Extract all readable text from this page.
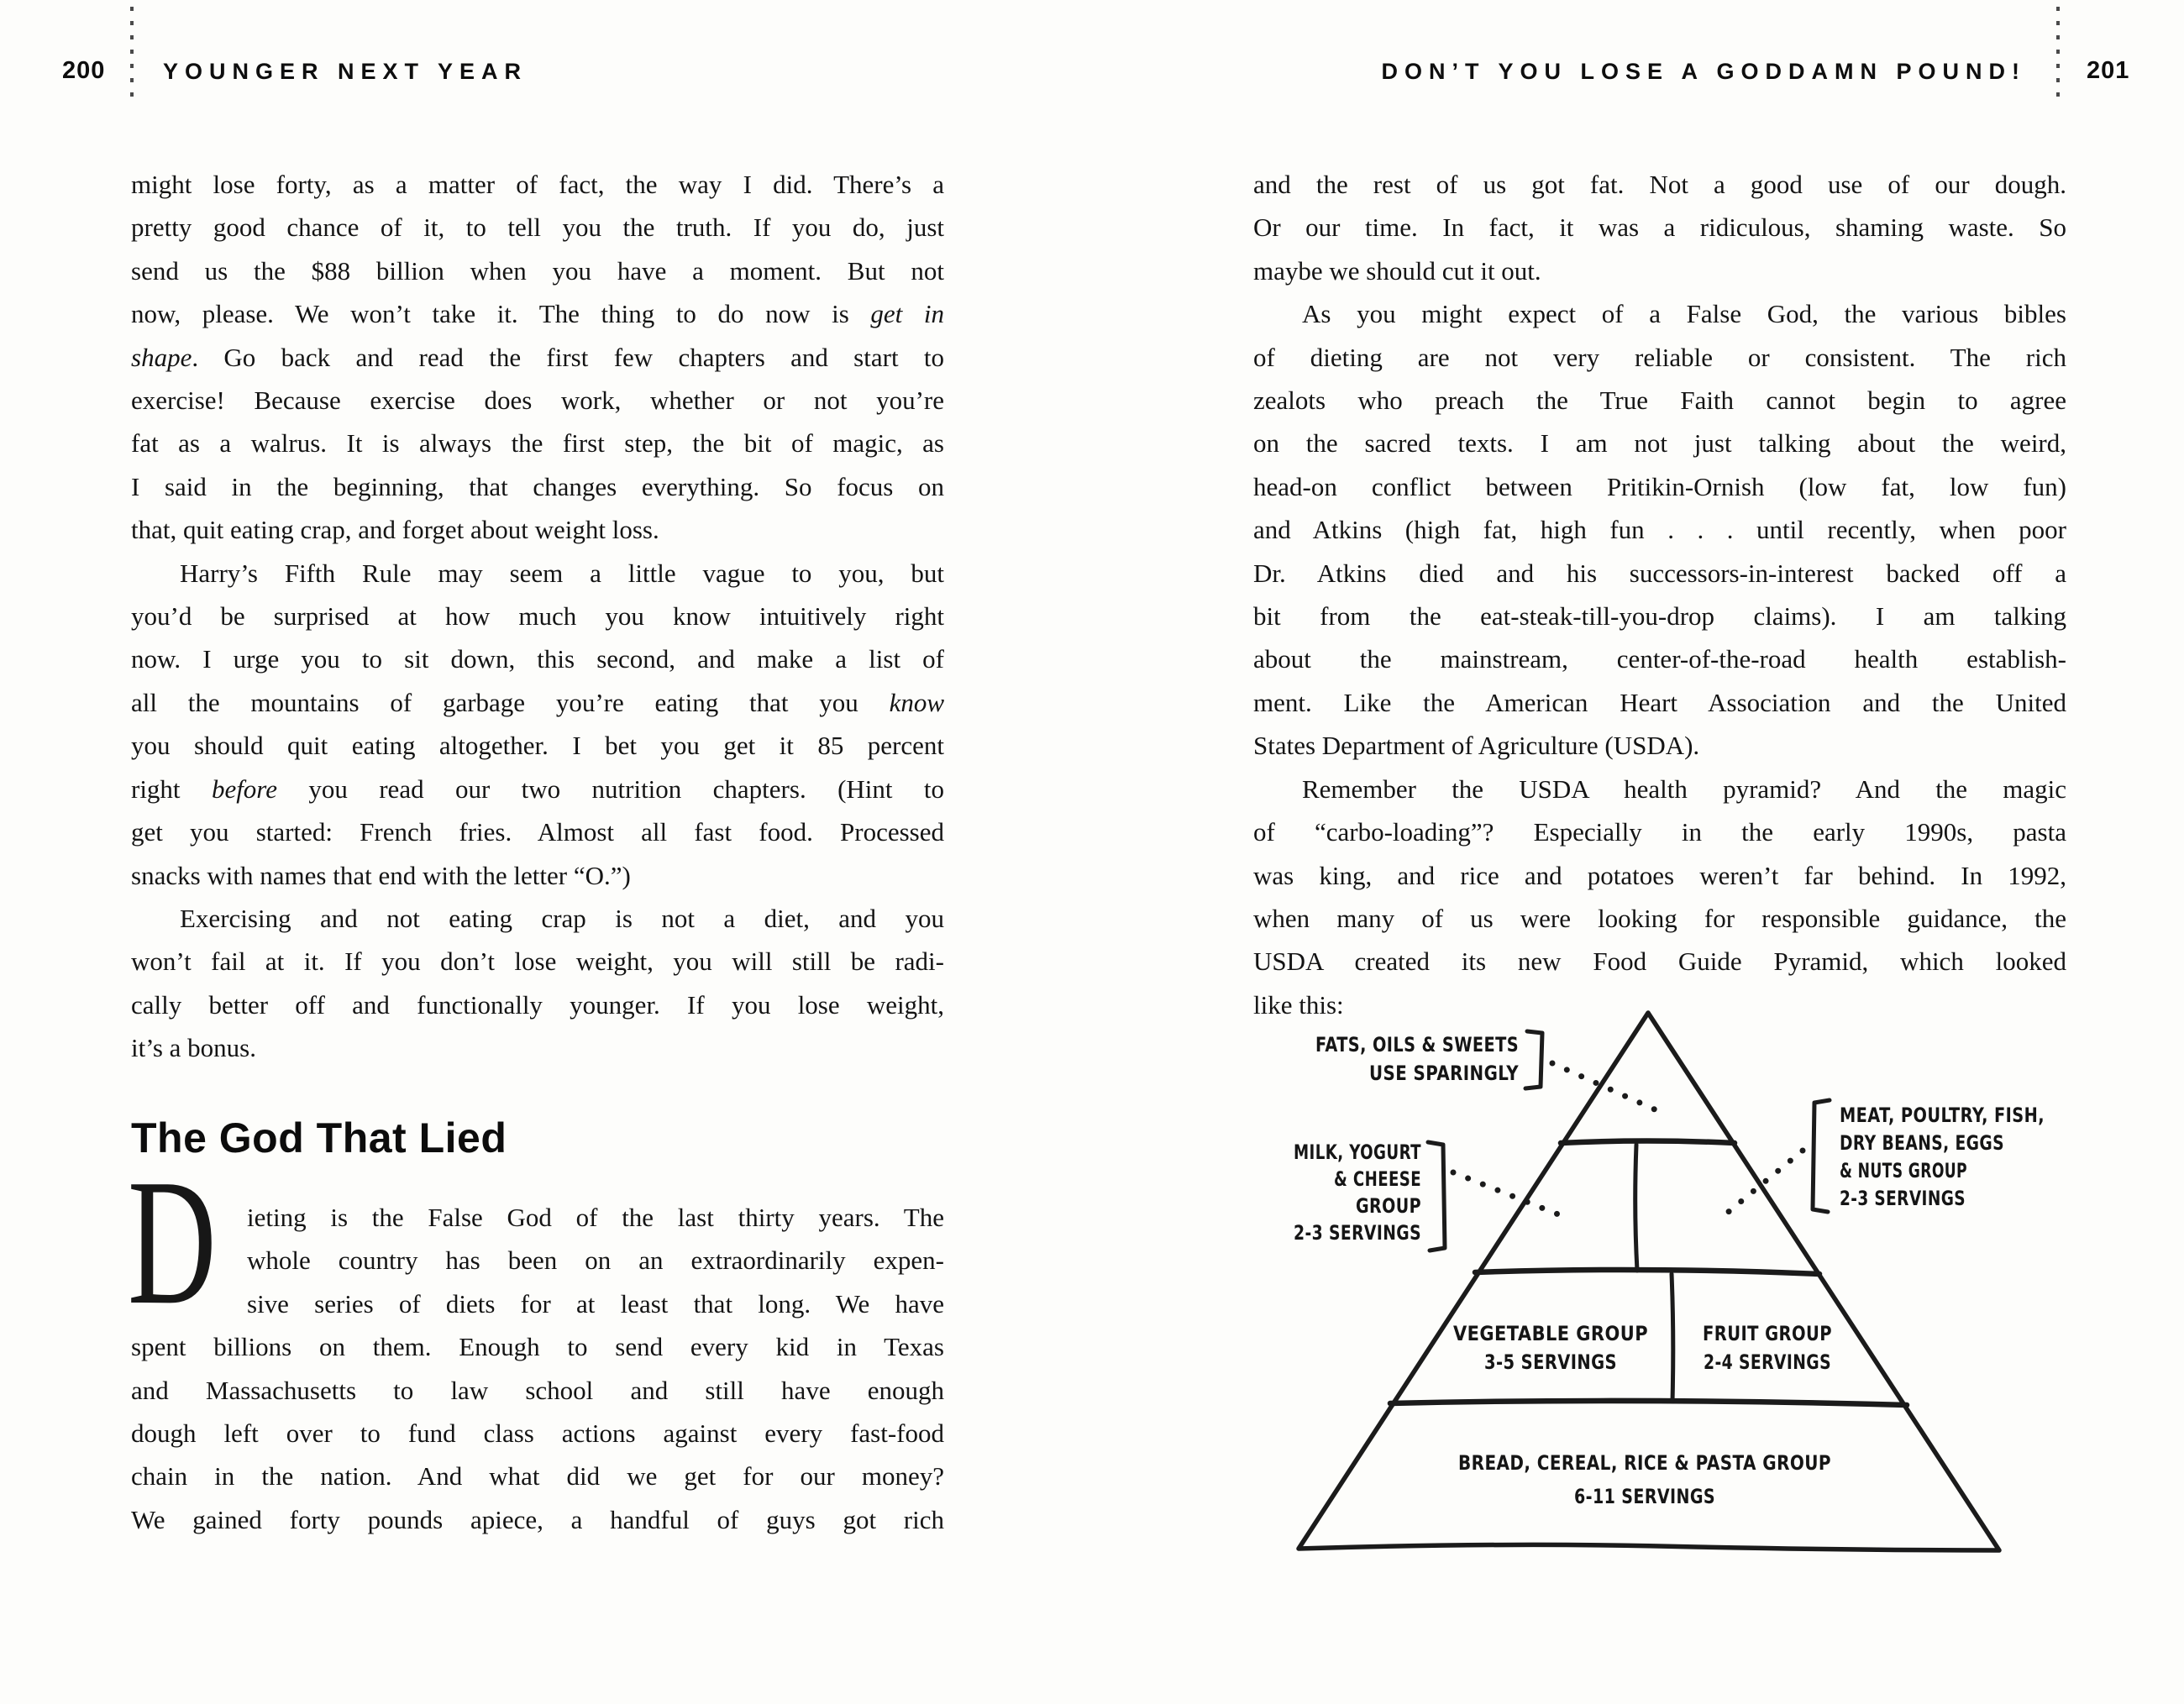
200	YOUNGER NEXT YEAR	DON’T YOU LOSE A GODDAMN POUND! 201
might lose forty, as a matter of fact, the way I did. There’s a
pretty good chance of it, to tell you the truth. If you do, just
send us the $88 billion when you have a moment. But not
now, please. We won’t take it. The thing to do now is get in
shape. Go back and read the first few chapters and start to
exercise! Because exercise does work, whether or not you’re
fat as a walrus. It is always the first step, the bit of magic, as
I said in the beginning, that changes everything. So focus on
that, quit eating crap, and forget about weight loss.
Harry’s Fifth Rule may seem a little vague to you, but
you’d be surprised at how much you know intuitively right
now. I urge you to sit down, this second, and make a list of
all the mountains of garbage you’re eating that you know
you should quit eating altogether. I bet you get it 85 percent
right before you read our two nutrition chapters. (Hint to
get you started: French fries. Almost all fast food. Processed
snacks with names that end with the letter “O.”)
Exercising and not eating crap is not a diet, and you
won’t fail at it. If you don’t lose weight, you will still be radi-
cally better off and functionally younger. If you lose weight,
it’s a bonus.
The God That Lied
D ieting is the False God of the last thirty years. The
whole country has been on an extraordinarily expen-
sive series of diets for at least that long. We have
spent billions on them. Enough to send every kid in Texas
and Massachusetts to law school and still have enough
dough left over to fund class actions against every fast-food
chain in the nation. And what did we get for our money?
We gained forty pounds apiece, a handful of guys got rich
and the rest of us got fat. Not a good use of our dough.
Or our time. In fact, it was a ridiculous, shaming waste. So
maybe we should cut it out.
As you might expect of a False God, the various bibles
of dieting are not very reliable or consistent. The rich
zealots who preach the True Faith cannot begin to agree
on the sacred texts. I am not just talking about the weird,
head-on conflict between Pritikin-Ornish (low fat, low fun)
and Atkins (high fat, high fun . . . until recently, when poor
Dr. Atkins died and his successors-in-interest backed off a
bit from the eat-steak-till-you-drop claims). I am talking
about the mainstream, center-of-the-road health establish-
ment. Like the American Heart Association and the United
States Department of Agriculture (USDA).
Remember the USDA health pyramid? And the magic
of “carbo-loading”? Especially in the early 1990s, pasta
was king, and rice and potatoes weren’t far behind. In 1992,
when many of us were looking for responsible guidance, the
USDA created its new Food Guide Pyramid, which looked
like this:
FATS, OILS & SWEETS
USE SPARINGLY
MILK, YOGURT
& CHEESE
GROUP
2-3 SERVINGS
MEAT, POULTRY, FISH,
DRY BEANS, EGGS
& NUTS GROUP
2-3 SERVINGS
VEGETABLE GROUP
3-5 SERVINGS
FRUIT GROUP
2-4 SERVINGS
BREAD, CEREAL, RICE & PASTA GROUP
6-11 SERVINGS
